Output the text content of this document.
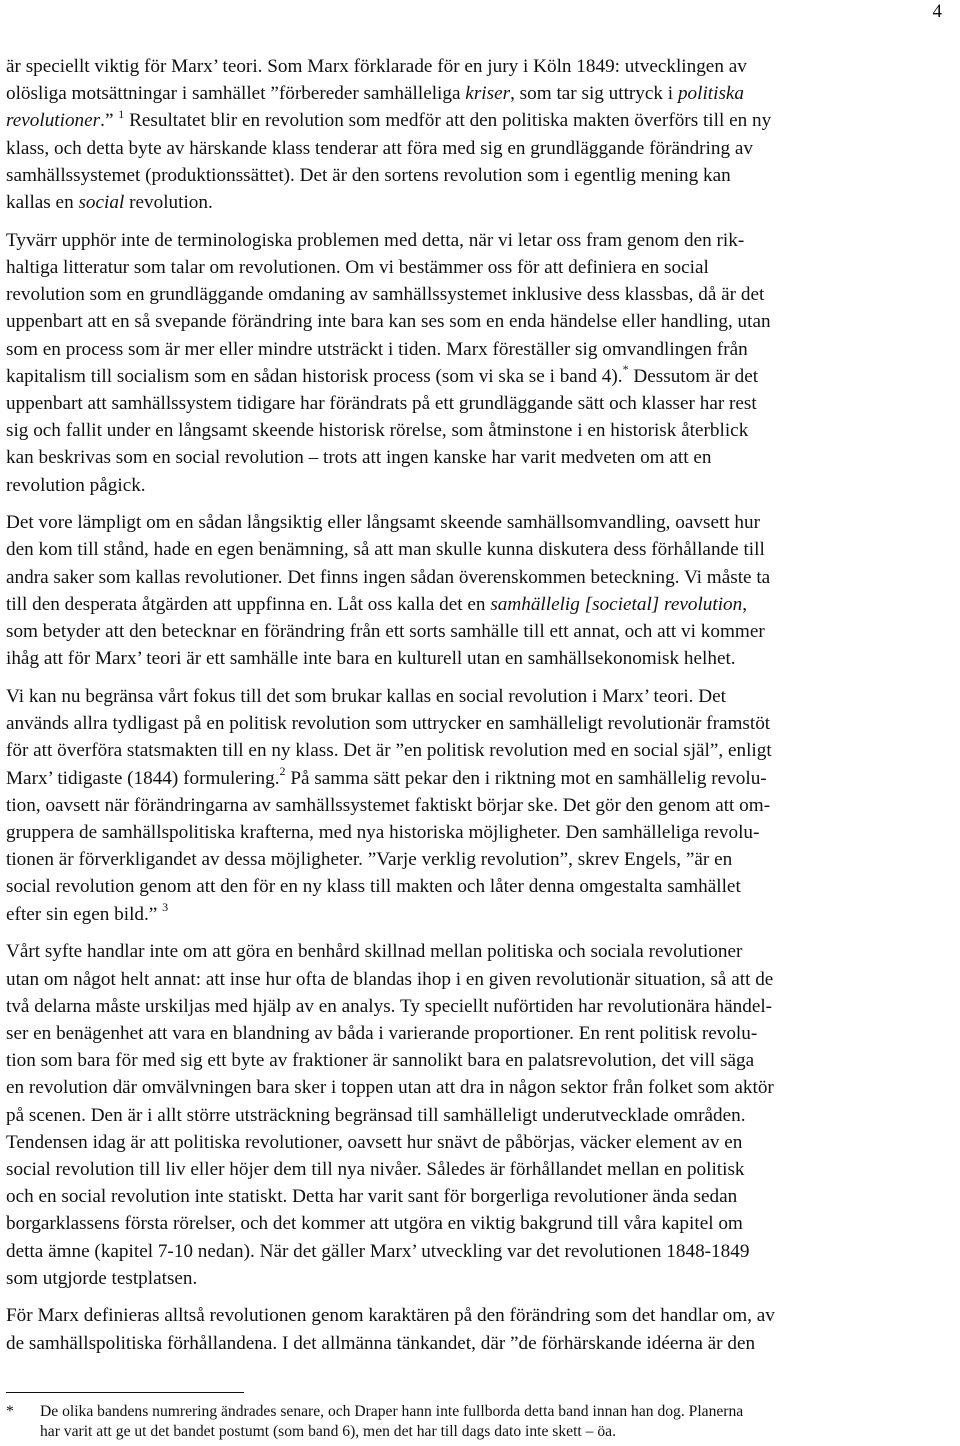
4

är speciellt viktig för Marx’ teori. Som Marx förklarade för en jury i Köln 1849: utvecklingen av
olösliga motsättningar i samhället ”förbereder samhälleliga kriser, som tar sig uttryck i politiska
revolutioner.” $^1$ Resultatet blir en revolution som medför att den politiska makten överförs till en ny
klass, och detta byte av härskande klass tenderar att föra med sig en grundläggande förändring av
samhällssystemet (produktionssättet). Det är den sortens revolution som i egentlig mening kan
kallas en social revolution.

Tyvärr upphör inte de terminologiska problemen med detta, när vi letar oss fram genom den rik-
haltiga litteratur som talar om revolutionen. Om vi bestämmer oss för att definiera en social
revolution som en grundläggande omdaning av samhällssystemet inklusive dess klassbas, då är det
uppenbart att en så svepande förändring inte bara kan ses som en enda händelse eller handling, utan
som en process som är mer eller mindre utsträckt i tiden. Marx föreställer sig omvandlingen från
kapitalism till socialism som en sådan historisk process (som vi ska se i band 4).* Dessutom är det
uppenbart att samhällssystem tidigare har förändrats på ett grundläggande sätt och klasser har rest
sig och fallit under en långsamt skeende historisk rörelse, som åtminstone i en historisk återblick
kan beskrivas som en social revolution – trots att ingen kanske har varit medveten om att en
revolution pågick.

Det vore lämpligt om en sådan långsiktig eller långsamt skeende samhällsomvandling, oavsett hur
den kom till stånd, hade en egen benämning, så att man skulle kunna diskutera dess förhållande till
andra saker som kallas revolutioner. Det finns ingen sådan överenskommen beteckning. Vi måste ta
till den desperata åtgärden att uppfinna en. Låt oss kalla det en samhällelig [societal] revolution,
som betyder att den betecknar en förändring från ett sorts samhälle till ett annat, och att vi kommer
ihåg att för Marx’ teori är ett samhälle inte bara en kulturell utan en samhällsekonomisk helhet.

Vi kan nu begränsa vårt fokus till det som brukar kallas en social revolution i Marx’ teori. Det
används allra tydligast på en politisk revolution som uttrycker en samhälleligt revolutionär framstöt
för att överföra statsmakten till en ny klass. Det är ”en politisk revolution med en social själ”, enligt
Marx’ tidigaste (1844) formulering.$^2$ På samma sätt pekar den i riktning mot en samhällelig revolu-
tion, oavsett när förändringarna av samhällssystemet faktiskt börjar ske. Det gör den genom att om-
gruppera de samhällspolitiska krafterna, med nya historiska möjligheter. Den samhälleliga revolu-
tionen är förverkligandet av dessa möjligheter. ”Varje verklig revolution”, skrev Engels, ”är en
social revolution genom att den för en ny klass till makten och låter denna omgestalta samhället
efter sin egen bild.” $^3$

Vårt syfte handlar inte om att göra en benhård skillnad mellan politiska och sociala revolutioner
utan om något helt annat: att inse hur ofta de blandas ihop i en given revolutionär situation, så att de
två delarna måste urskiljas med hjälp av en analys. Ty speciellt nuförtiden har revolutionära händel-
ser en benägenhet att vara en blandning av båda i varierande proportioner. En rent politisk revolu-
tion som bara för med sig ett byte av fraktioner är sannolikt bara en palatsrevolution, det vill säga
en revolution där omvälvningen bara sker i toppen utan att dra in någon sektor från folket som aktör
på scenen. Den är i allt större utsträckning begränsad till samhälleligt underutvecklade områden.
Tendensen idag är att politiska revolutioner, oavsett hur snävt de påbörjas, väcker element av en
social revolution till liv eller höjer dem till nya nivåer. Således är förhållandet mellan en politisk
och en social revolution inte statiskt. Detta har varit sant för borgerliga revolutioner ända sedan
borgarklassens första rörelser, och det kommer att utgöra en viktig bakgrund till våra kapitel om
detta ämne (kapitel 7-10 nedan). När det gäller Marx’ utveckling var det revolutionen 1848-1849
som utgjorde testplatsen.

För Marx definieras alltså revolutionen genom karaktären på den förändring som det handlar om, av
de samhällspolitiska förhållandena. I det allmänna tänkandet, där ”de förhärskande idéerna är den

*	De olika bandens numrering ändrades senare, och Draper hann inte fullborda detta band innan han dog. Planerna
har varit att ge ut det bandet postumt (som band 6), men det har till dags dato inte skett – öa.
